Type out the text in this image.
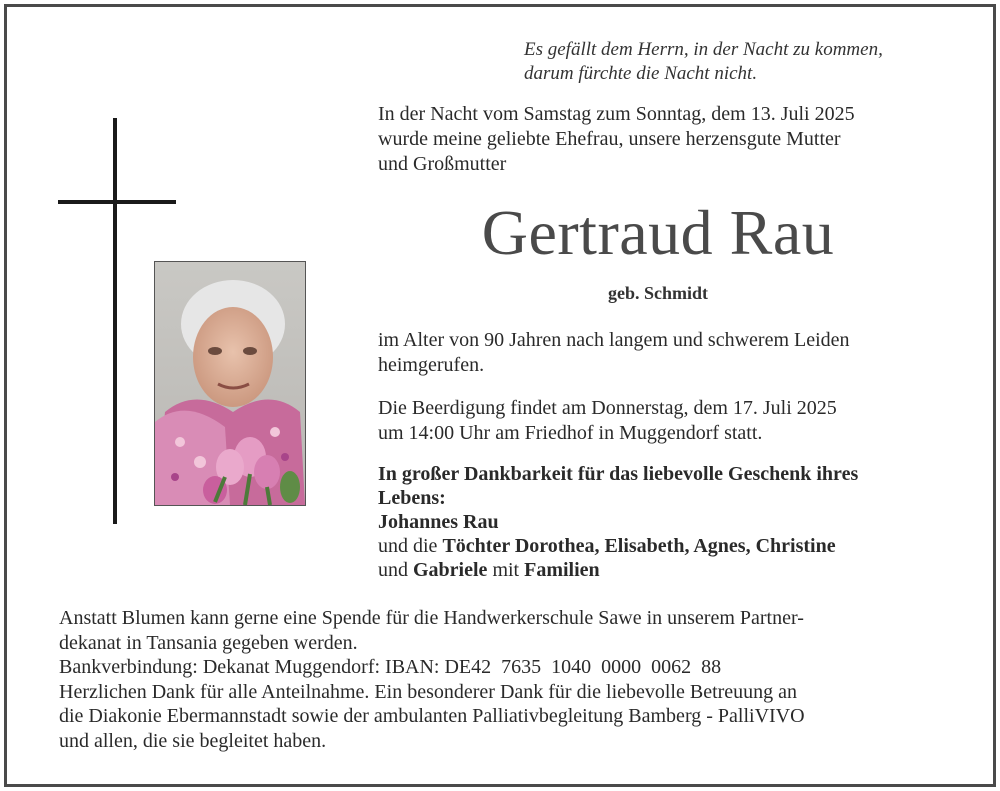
Es gefällt dem Herrn, in der Nacht zu kommen,
darum fürchte die Nacht nicht.
In der Nacht vom Samstag zum Sonntag, dem 13. Juli 2025
wurde meine geliebte Ehefrau, unsere herzensgute Mutter
und Großmutter
Gertraud Rau
geb. Schmidt
im Alter von 90 Jahren nach langem und schwerem Leiden
heimgerufen.
Die Beerdigung findet am Donnerstag, dem 17. Juli 2025
um 14:00 Uhr am Friedhof in Muggendorf statt.
In großer Dankbarkeit für das liebevolle Geschenk ihres
Lebens:
Johannes Rau
und die Töchter Dorothea, Elisabeth, Agnes, Christine
und Gabriele mit Familien
Anstatt Blumen kann gerne eine Spende für die Handwerkerschule Sawe in unserem Partner-
dekanat in Tansania gegeben werden.
Bankverbindung: Dekanat Muggendorf: IBAN: DE42  7635  1040  0000  0062  88
Herzlichen Dank für alle Anteilnahme. Ein besonderer Dank für die liebevolle Betreuung an
die Diakonie Ebermannstadt sowie der ambulanten Palliativbegleitung Bamberg - PalliVIVO
und allen, die sie begleitet haben.
